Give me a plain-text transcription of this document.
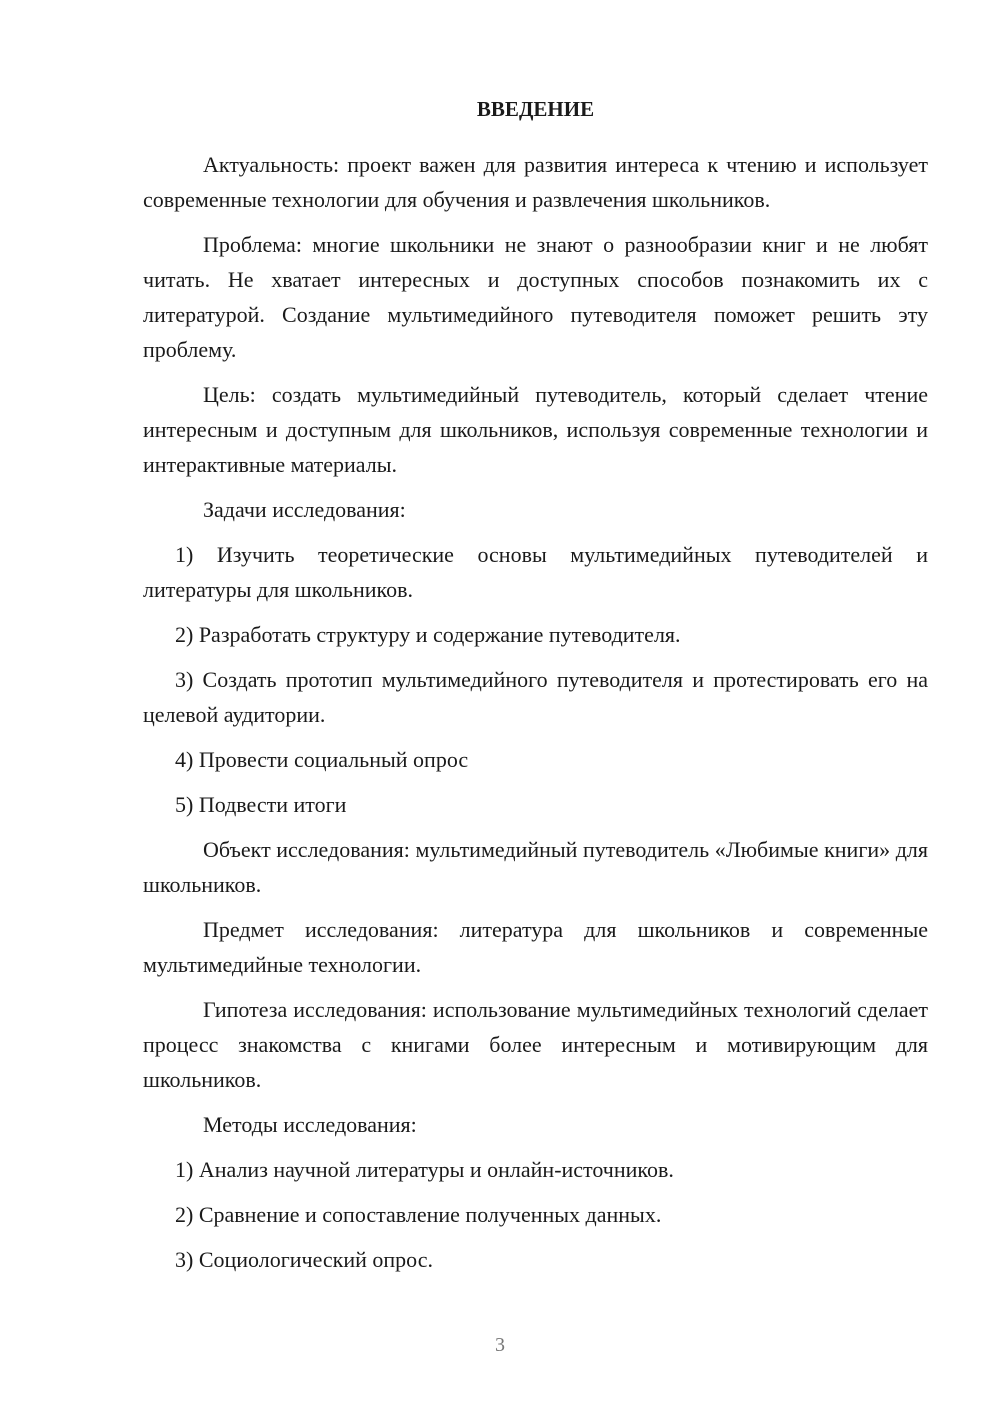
ВВЕДЕНИЕ

Актуальность: проект важен для развития интереса к чтению и использует современные технологии для обучения и развлечения школьников.

Проблема: многие школьники не знают о разнообразии книг и не любят читать. Не хватает интересных и доступных способов познакомить их с литературой. Создание мультимедийного путеводителя поможет решить эту проблему.

Цель: создать мультимедийный путеводитель, который сделает чтение интересным и доступным для школьников, используя современные технологии и интерактивные материалы.

Задачи исследования:

1) Изучить теоретические основы мультимедийных путеводителей и литературы для школьников.

2) Разработать структуру и содержание путеводителя.

3) Создать прототип мультимедийного путеводителя и протестировать его на целевой аудитории.

4) Провести социальный опрос

5) Подвести итоги

Объект исследования: мультимедийный путеводитель «Любимые книги» для школьников.

Предмет исследования: литература для школьников и современные мультимедийные технологии.

Гипотеза исследования: использование мультимедийных технологий сделает процесс знакомства с книгами более интересным и мотивирующим для школьников.

Методы исследования:

1) Анализ научной литературы и онлайн-источников.

2) Сравнение и сопоставление полученных данных.

3) Социологический опрос.

3
